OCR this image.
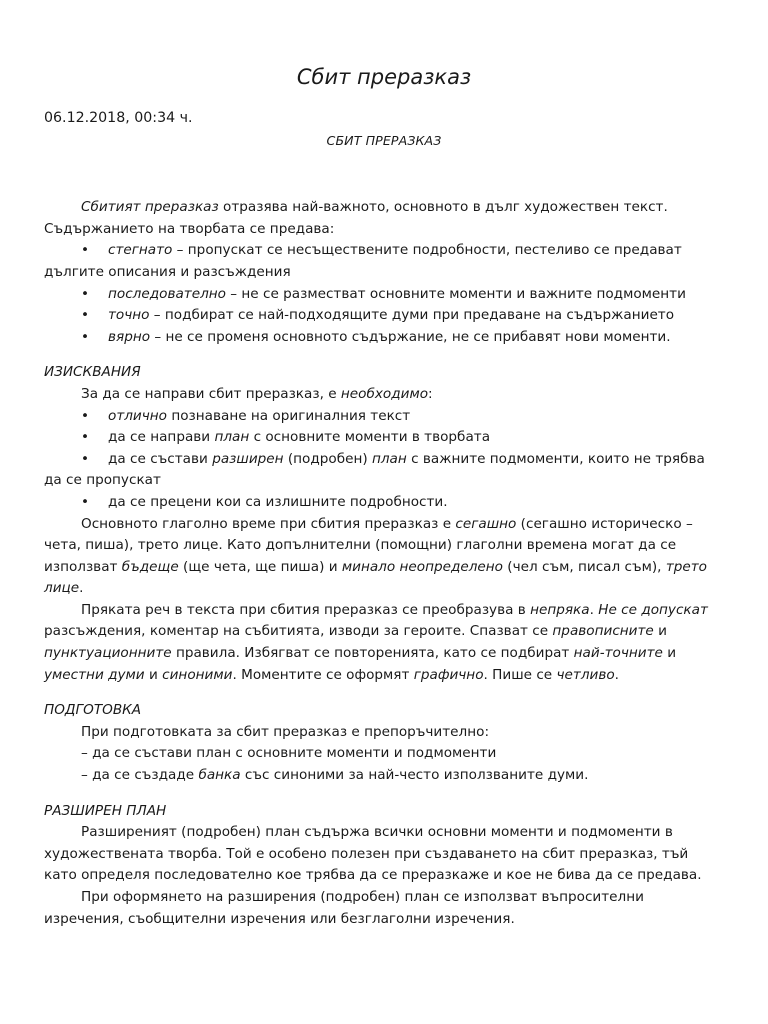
Сбит преразказ
06.12.2018, 00:34 ч.
СБИТ ПРЕРАЗКАЗ

Сбитият преразказ отразява най-важното, основното в дълг художествен текст. Съдържанието на творбата се предава:

• стегнато – пропускат се несъществените подробности, пестеливо се предават дългите описания и разсъждения
• последователно – не се разместват основните моменти и важните подмоменти
• точно – подбират се най-подходящите думи при предаване на съдържанието
• вярно – не се променя основното съдържание, не се прибавят нови моменти.
ИЗИСКВАНИЯ

За да се направи сбит преразказ, е необходимо:

• отлично познаване на оригиналния текст
• да се направи план с основните моменти в творбата
• да се състави разширен (подробен) план с важните подмоменти, които не трябва да се пропускат
• да се прецени кои са излишните подробности.

Основното глаголно време при сбития преразказ е сегашно (сегашно историческо – чета, пиша), трето лице. Като допълнителни (помощни) глаголни времена могат да се използват бъдеще (ще чета, ще пиша) и минало неопределено (чел съм, писал съм), трето лице.

Пряката реч в текста при сбития преразказ се преобразува в непряка. Не се допускат разсъждения, коментар на събитията, изводи за героите. Спазват се правописните и пунктуационните правила. Избягват се повторенията, като се подбират най-точните и уместни думи и синоними. Моментите се оформят графично. Пише се четливо.

ПОДГОТОВКА

При подготовката за сбит преразказ е препоръчително:

– да се състави план с основните моменти и подмоменти
– да се създаде банка със синоними за най-често използваните думи.
РАЗШИРЕН ПЛАН

Разширеният (подробен) план съдържа всички основни моменти и подмоменти в художествената творба. Той е особено полезен при създаването на сбит преразказ, тъй като определя последователно кое трябва да се преразкаже и кое не бива да се предава.

При оформянето на разширения (подробен) план се използват въпросителни изречения, съобщителни изречения или безглаголни изречения.
